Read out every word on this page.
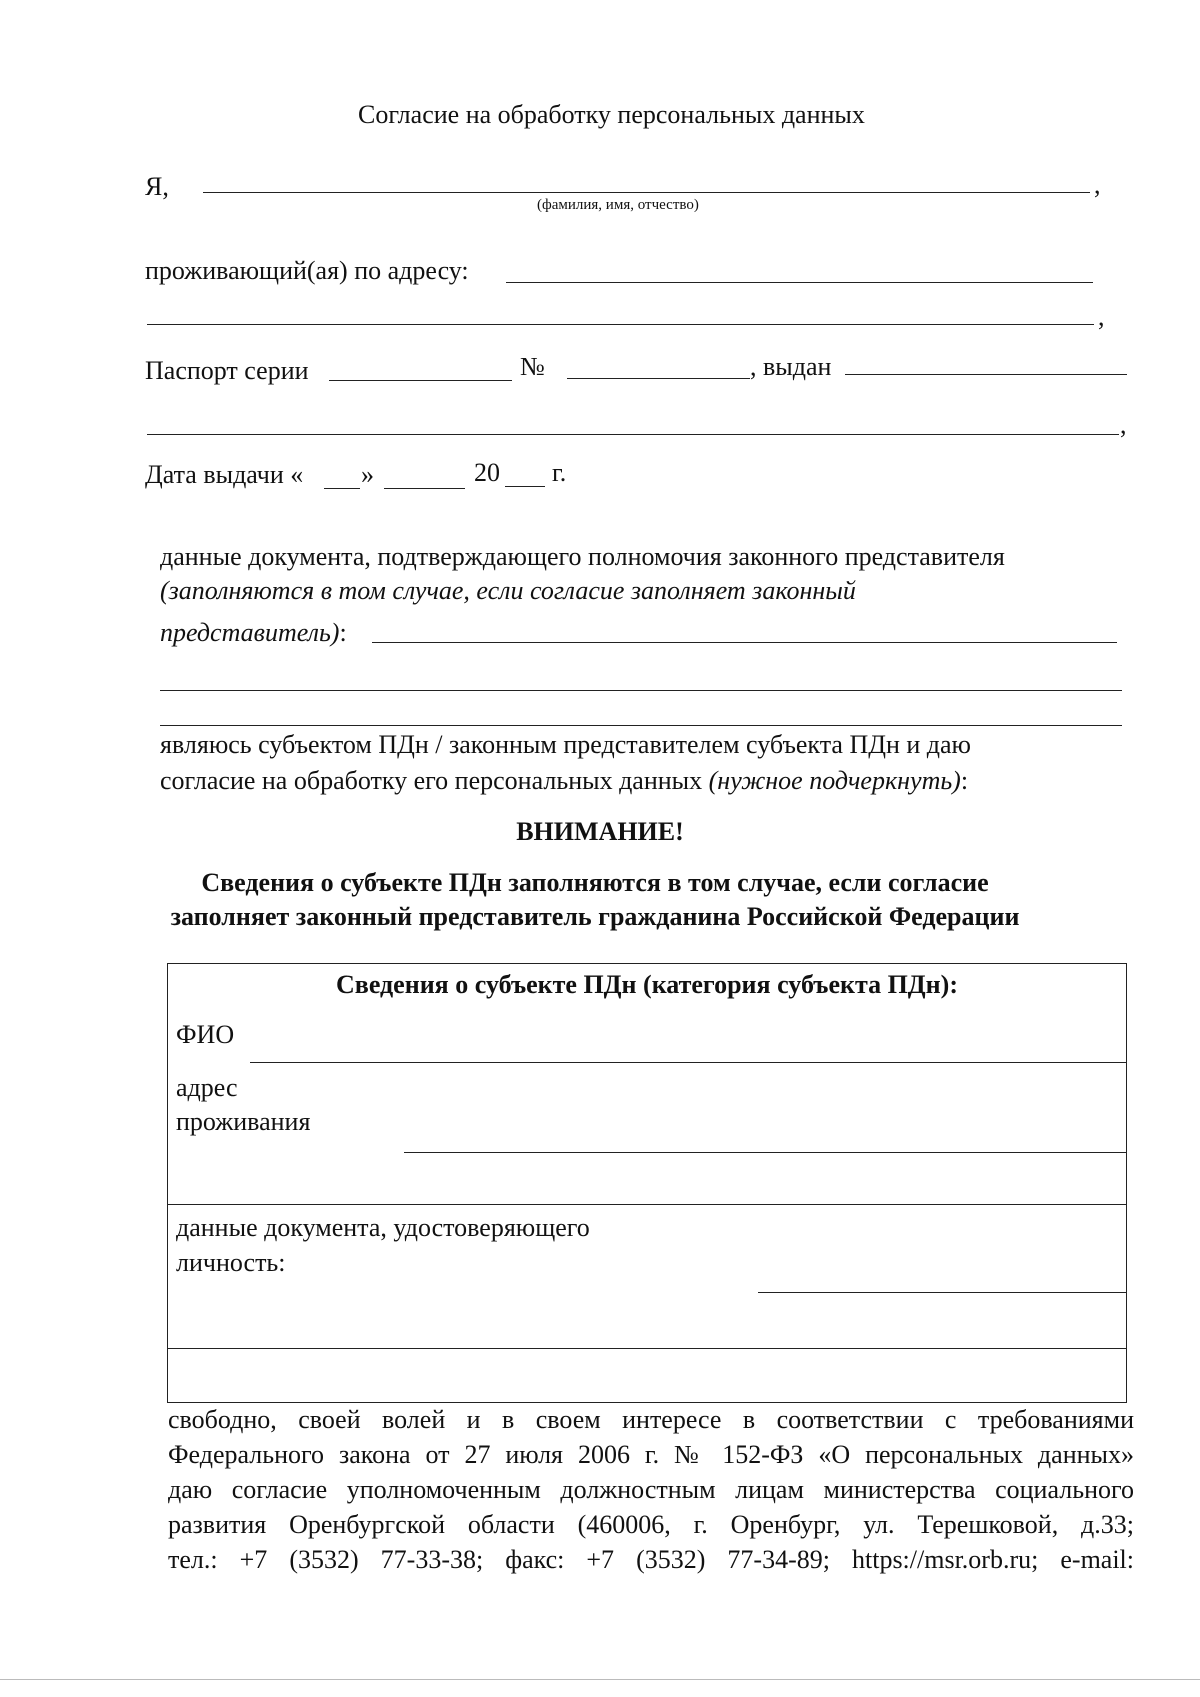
Согласие на обработку персональных данных
Я,	,
(фамилия, имя, отчество)
проживающий(ая) по адресу:
,
Паспорт серии	№	, выдан
,
Дата выдачи « »	20 г.
данные документа, подтверждающего полномочия законного представителя
(заполняются в том случае, если согласие заполняет законный
представитель):
являюсь субъектом ПДн / законным представителем субъекта ПДн и даю
согласие на обработку его персональных данных (нужное подчеркнуть):
ВНИМАНИЕ!
Сведения о субъекте ПДн заполняются в том случае, если согласие
заполняет законный представитель гражданина Российской Федерации
Сведения о субъекте ПДн (категория субъекта ПДн):
ФИО
адрес
проживания
данные документа, удостоверяющего
личность:
свободно, своей волей и в своем интересе в соответствии с требованиями
Федерального закона от 27 июля 2006 г. № 152-ФЗ «О персональных данных»
даю согласие уполномоченным должностным лицам министерства социального
развития Оренбургской области (460006, г. Оренбург, ул. Терешковой, д.33;
тел.: +7 (3532) 77-33-38; факс: +7 (3532) 77-34-89; https://msr.orb.ru; e-mail:
